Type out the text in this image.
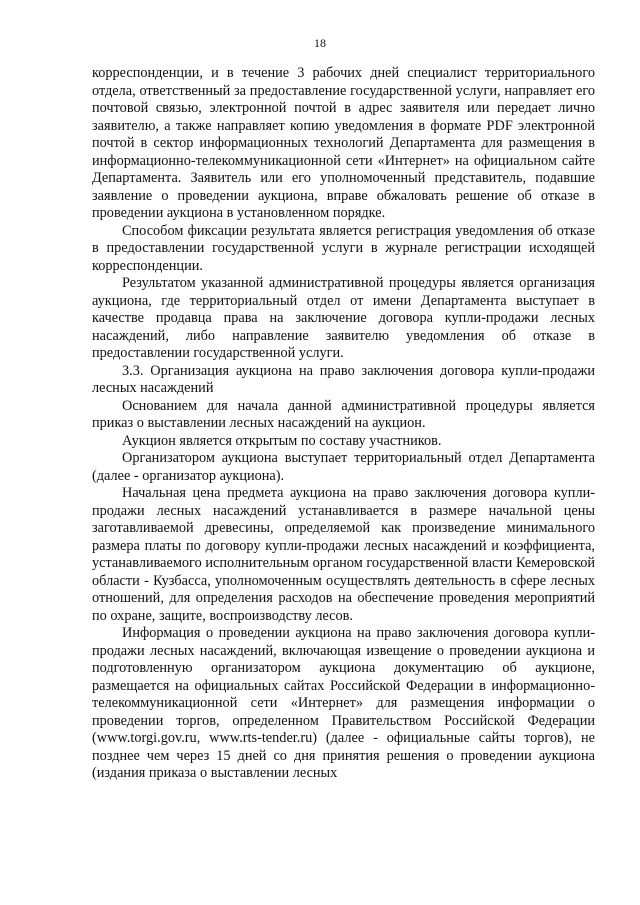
18

корреспонденции, и в течение 3 рабочих дней специалист территориального отдела, ответственный за предоставление государственной услуги, направляет его почтовой связью, электронной почтой в адрес заявителя или передает лично заявителю, а также направляет копию уведомления в формате PDF электронной почтой в сектор информационных технологий Департамента для размещения в информационно-телекоммуникационной сети «Интернет» на официальном сайте Департамента. Заявитель или его уполномоченный представитель, подавшие заявление о проведении аукциона, вправе обжаловать решение об отказе в проведении аукциона в установленном порядке.

Способом фиксации результата является регистрация уведомления об отказе в предоставлении государственной услуги в журнале регистрации исходящей корреспонденции.

Результатом указанной административной процедуры является организация аукциона, где территориальный отдел от имени Департамента выступает в качестве продавца права на заключение договора купли-продажи лесных насаждений, либо направление заявителю уведомления об отказе в предоставлении государственной услуги.

3.3. Организация аукциона на право заключения договора купли-продажи лесных насаждений

Основанием для начала данной административной процедуры является приказ о выставлении лесных насаждений на аукцион.

Аукцион является открытым по составу участников.

Организатором аукциона выступает территориальный отдел Департамента (далее - организатор аукциона).

Начальная цена предмета аукциона на право заключения договора купли-продажи лесных насаждений устанавливается в размере начальной цены заготавливаемой древесины, определяемой как произведение минимального размера платы по договору купли-продажи лесных насаждений и коэффициента, устанавливаемого исполнительным органом государственной власти Кемеровской области - Кузбасса, уполномоченным осуществлять деятельность в сфере лесных отношений, для определения расходов на обеспечение проведения мероприятий по охране, защите, воспроизводству лесов.

Информация о проведении аукциона на право заключения договора купли-продажи лесных насаждений, включающая извещение о проведении аукциона и подготовленную организатором аукциона документацию об аукционе, размещается на официальных сайтах Российской Федерации в информационно-телекоммуникационной сети «Интернет» для размещения информации о проведении торгов, определенном Правительством Российской Федерации (www.torgi.gov.ru, www.rts-tender.ru) (далее - официальные сайты торгов), не позднее чем через 15 дней со дня принятия решения о проведении аукциона (издания приказа о выставлении лесных
